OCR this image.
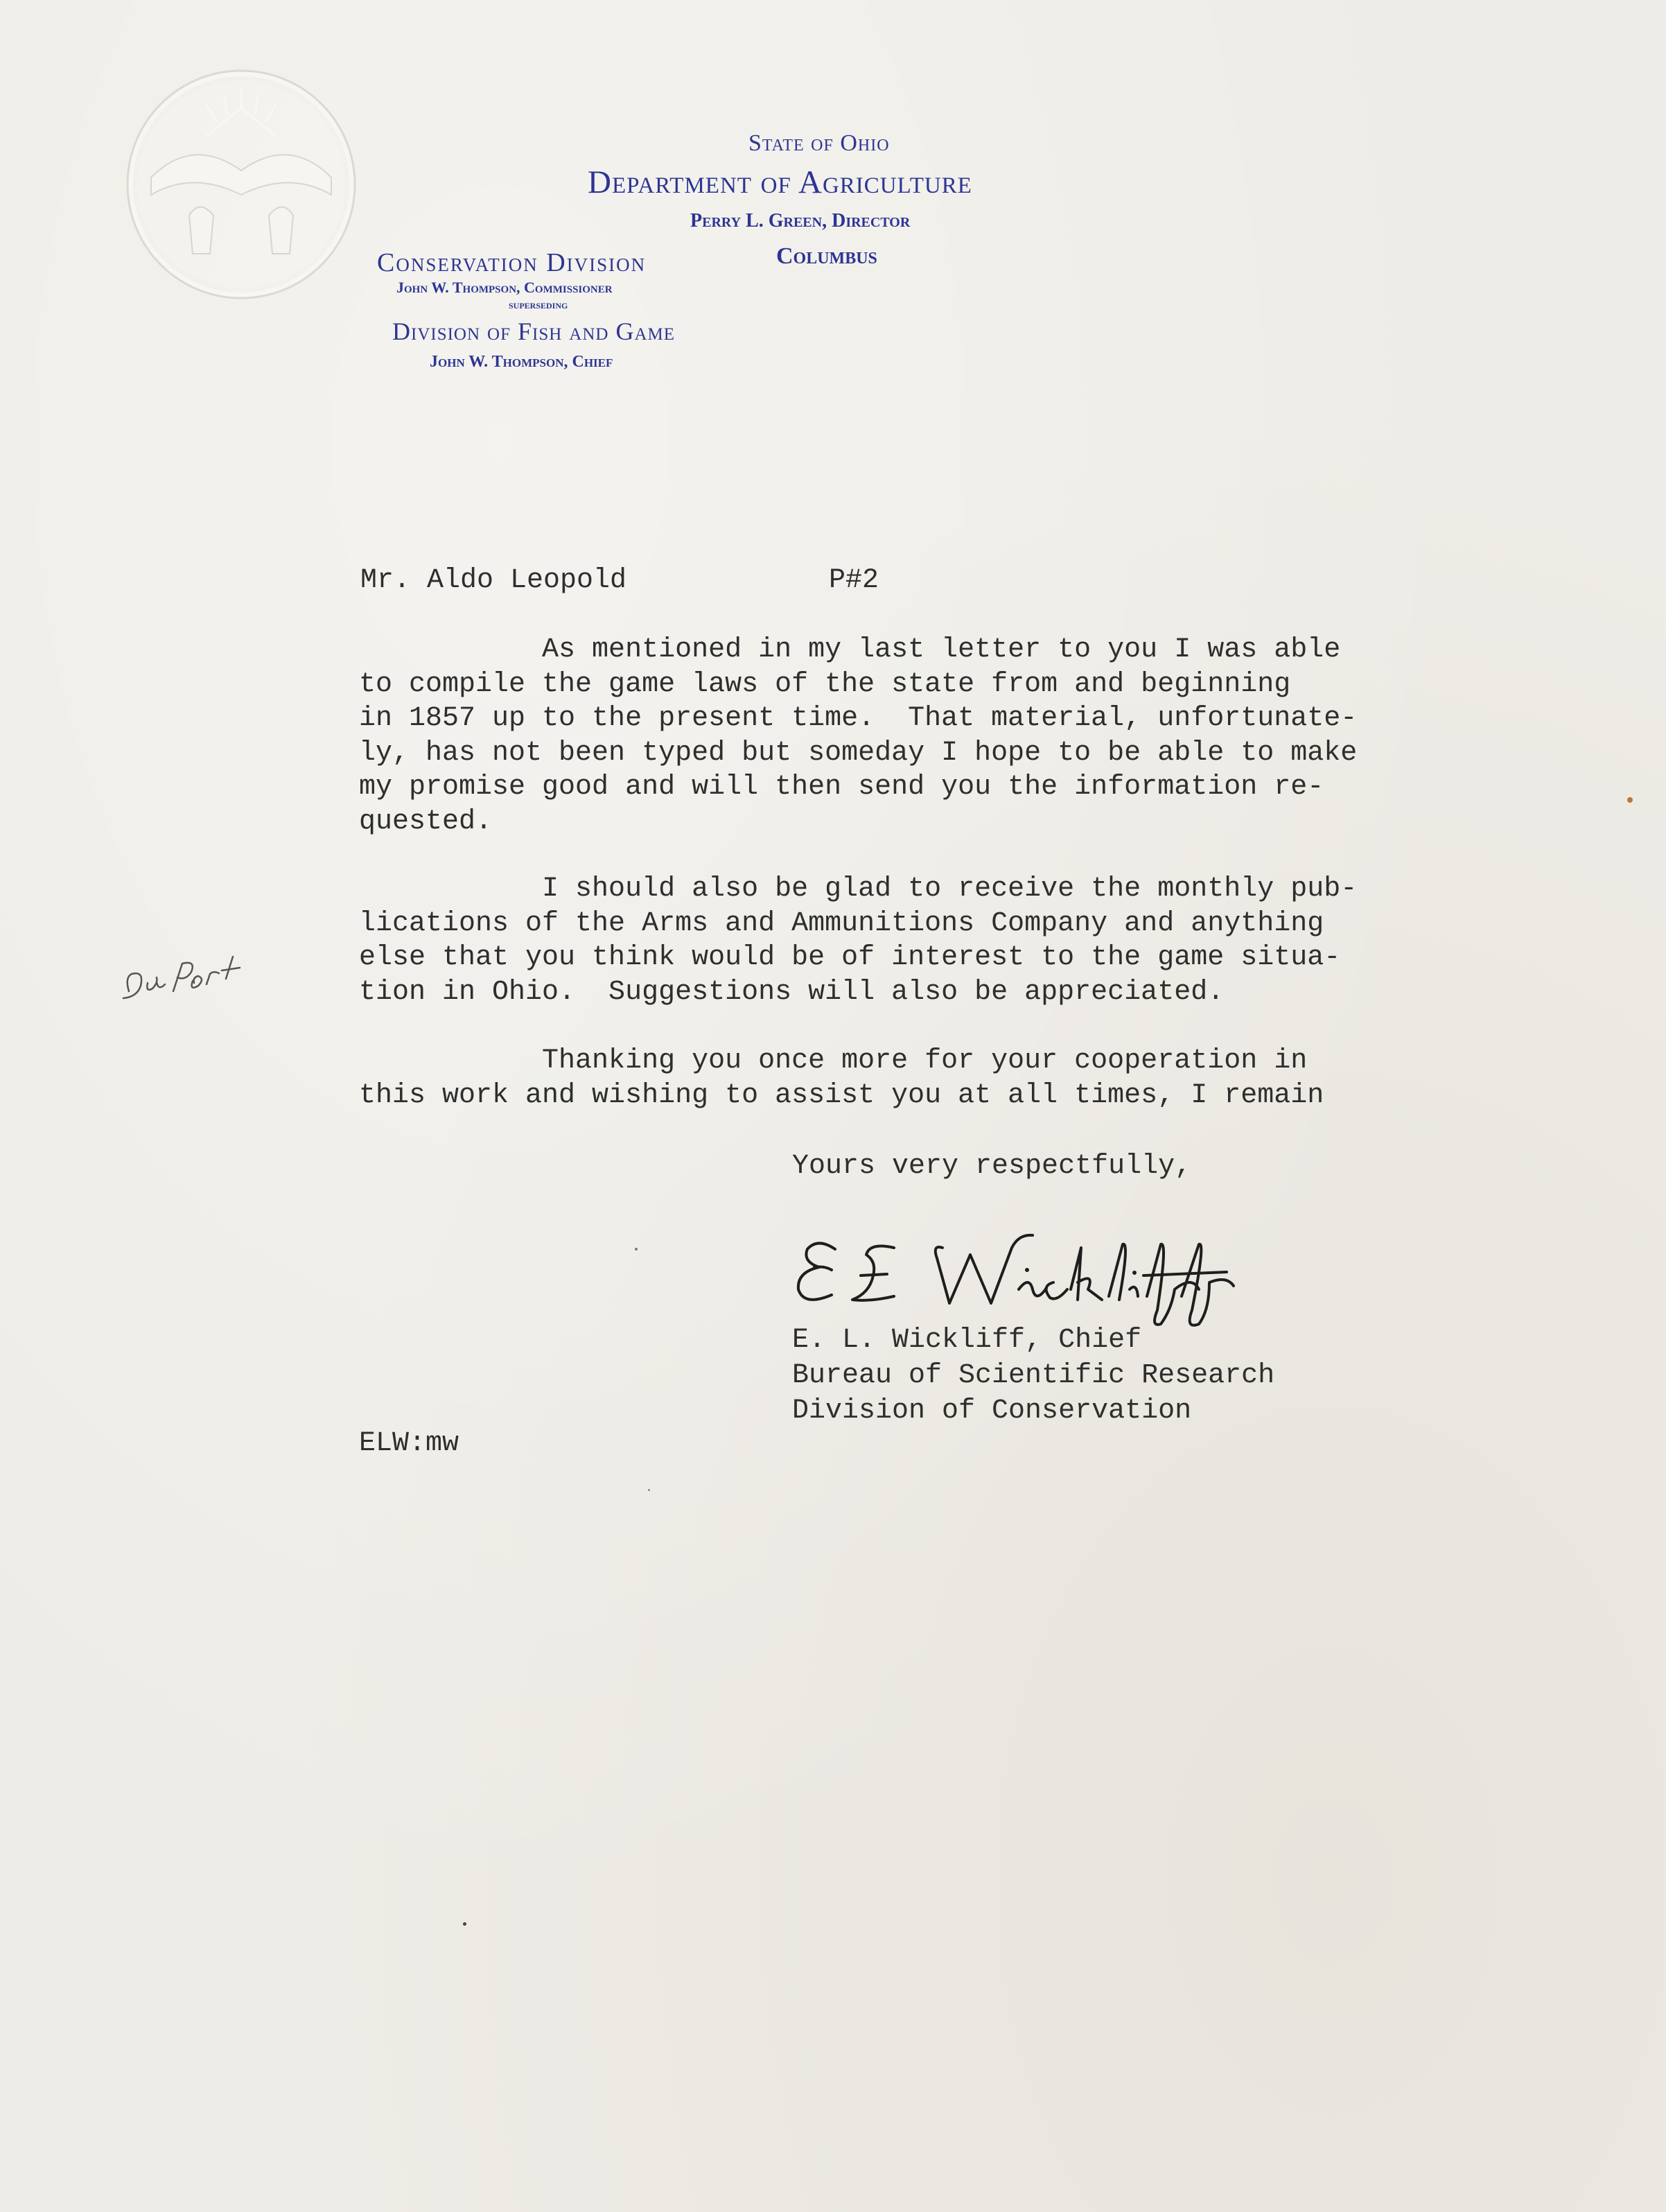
State of Ohio
Department of Agriculture
Perry L. Green, Director
Columbus
Conservation Division
John W. Thompson, Commissioner
superseding
Division of Fish and Game
John W. Thompson, Chief
Mr. Aldo Leopold	P#2
As mentioned in my last letter to you I was able
to compile the game laws of the state from and beginning
in 1857 up to the present time.  That material, unfortunate-
ly, has not been typed but someday I hope to be able to make
my promise good and will then send you the information re-
quested.
I should also be glad to receive the monthly pub-
lications of the Arms and Ammunitions Company and anything
else that you think would be of interest to the game situa-
tion in Ohio.  Suggestions will also be appreciated.
Thanking you once more for your cooperation in
this work and wishing to assist you at all times, I remain
Yours very respectfully,
E. L. Wickliff, Chief
Bureau of Scientific Research
Division of Conservation
ELW:mw
